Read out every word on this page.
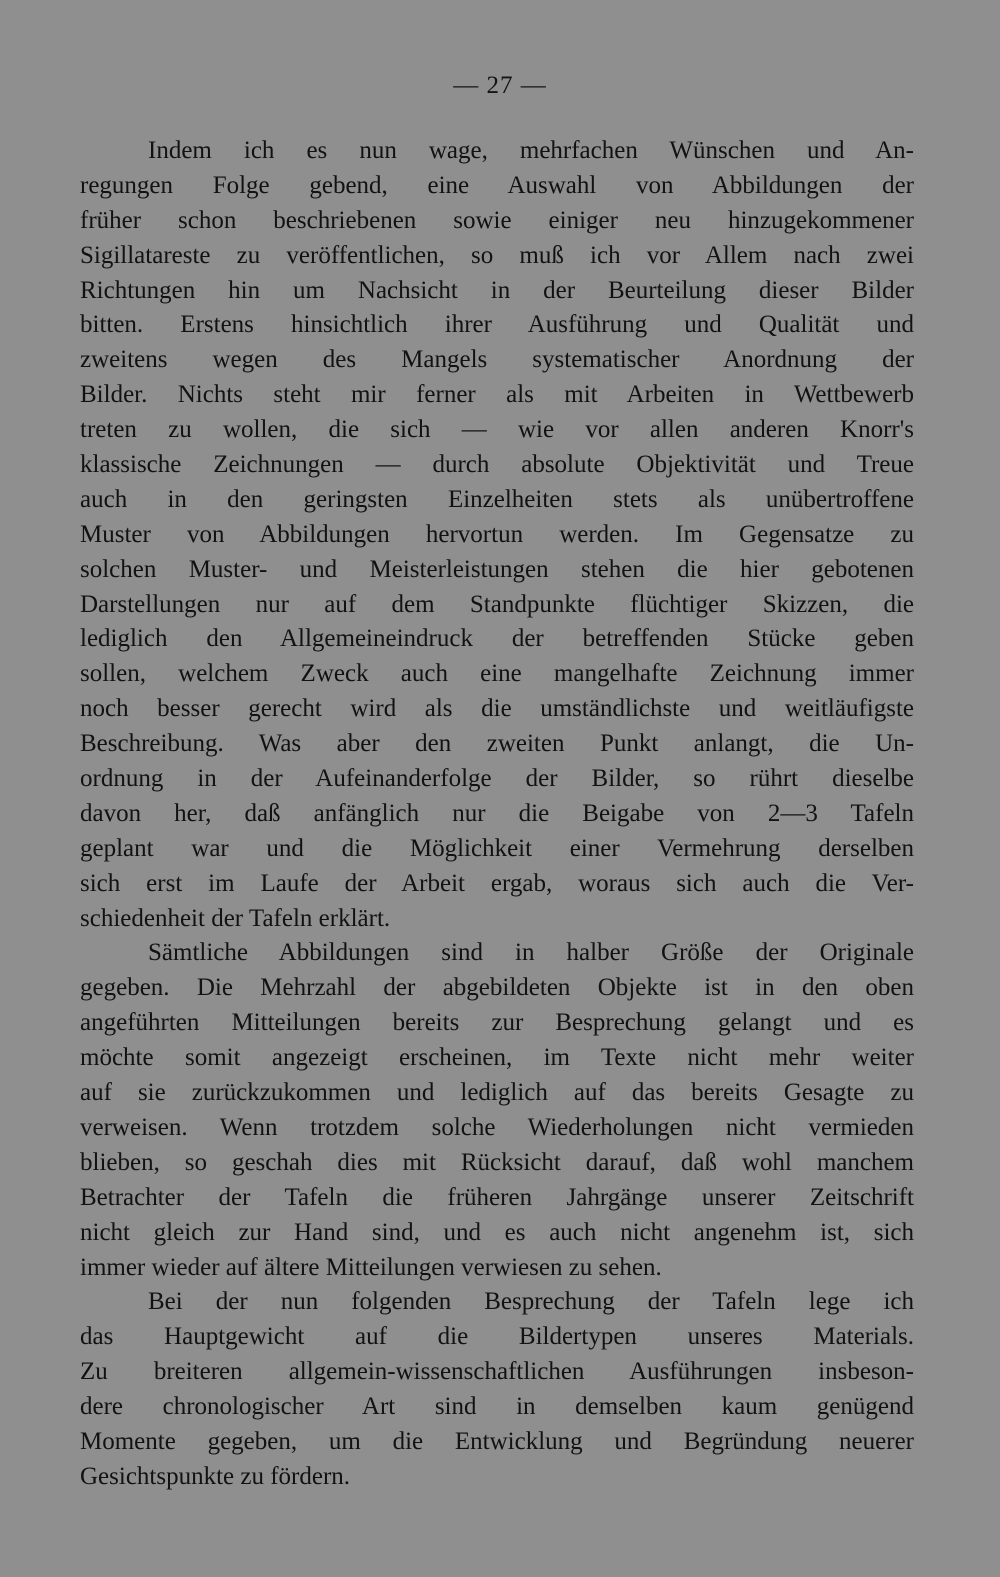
— 27 —
Indem ich es nun wage, mehrfachen Wünschen und An-
regungen Folge gebend, eine Auswahl von Abbildungen der
früher schon beschriebenen sowie einiger neu hinzugekommener
Sigillatareste zu veröffentlichen, so muß ich vor Allem nach zwei
Richtungen hin um Nachsicht in der Beurteilung dieser Bilder
bitten. Erstens hinsichtlich ihrer Ausführung und Qualität und
zweitens wegen des Mangels systematischer Anordnung der
Bilder. Nichts steht mir ferner als mit Arbeiten in Wettbewerb
treten zu wollen, die sich — wie vor allen anderen Knorr's
klassische Zeichnungen — durch absolute Objektivität und Treue
auch in den geringsten Einzelheiten stets als unübertroffene
Muster von Abbildungen hervortun werden. Im Gegensatze zu
solchen Muster- und Meisterleistungen stehen die hier gebotenen
Darstellungen nur auf dem Standpunkte flüchtiger Skizzen, die
lediglich den Allgemeineindruck der betreffenden Stücke geben
sollen, welchem Zweck auch eine mangelhafte Zeichnung immer
noch besser gerecht wird als die umständlichste und weitläufigste
Beschreibung. Was aber den zweiten Punkt anlangt, die Un-
ordnung in der Aufeinanderfolge der Bilder, so rührt dieselbe
davon her, daß anfänglich nur die Beigabe von 2—3 Tafeln
geplant war und die Möglichkeit einer Vermehrung derselben
sich erst im Laufe der Arbeit ergab, woraus sich auch die Ver-
schiedenheit der Tafeln erklärt.
Sämtliche Abbildungen sind in halber Größe der Originale
gegeben. Die Mehrzahl der abgebildeten Objekte ist in den oben
angeführten Mitteilungen bereits zur Besprechung gelangt und es
möchte somit angezeigt erscheinen, im Texte nicht mehr weiter
auf sie zurückzukommen und lediglich auf das bereits Gesagte zu
verweisen. Wenn trotzdem solche Wiederholungen nicht vermieden
blieben, so geschah dies mit Rücksicht darauf, daß wohl manchem
Betrachter der Tafeln die früheren Jahrgänge unserer Zeitschrift
nicht gleich zur Hand sind, und es auch nicht angenehm ist, sich
immer wieder auf ältere Mitteilungen verwiesen zu sehen.
Bei der nun folgenden Besprechung der Tafeln lege ich
das Hauptgewicht auf die Bildertypen unseres Materials.
Zu breiteren allgemein-wissenschaftlichen Ausführungen insbeson-
dere chronologischer Art sind in demselben kaum genügend
Momente gegeben, um die Entwicklung und Begründung neuerer
Gesichtspunkte zu fördern.
